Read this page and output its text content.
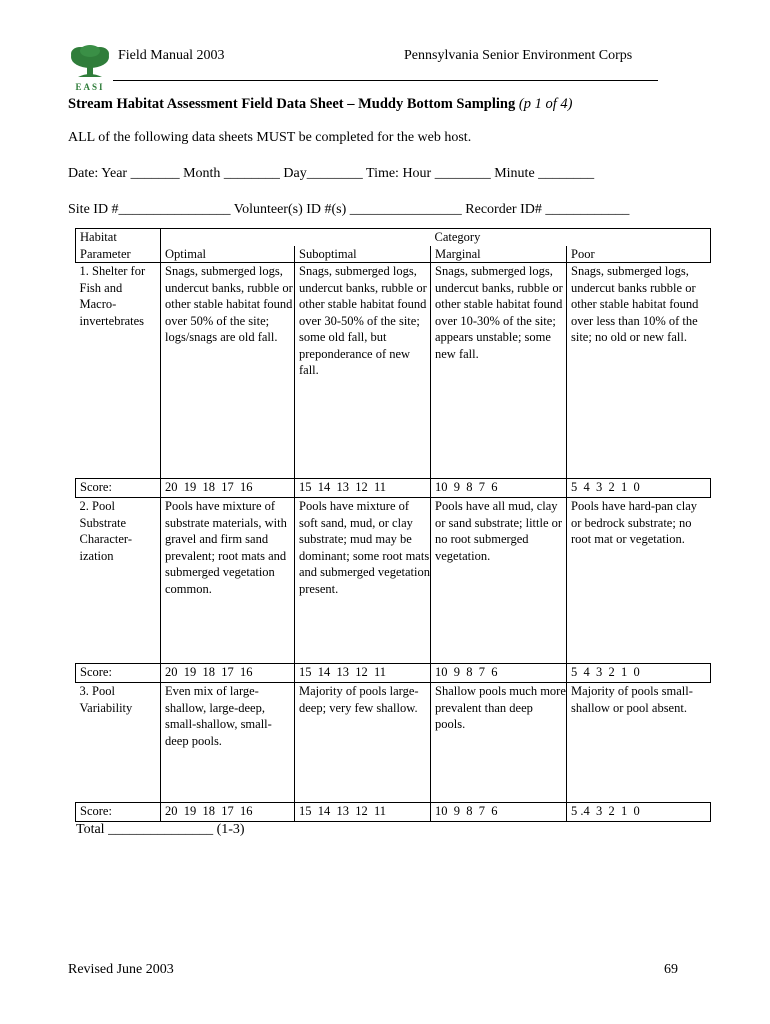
EASI
Field Manual 2003	Pennsylvania Senior Environment Corps
Stream Habitat Assessment Field Data Sheet – Muddy Bottom Sampling (p 1 of 4)
ALL of the following data sheets MUST be completed for the web host.
Date: Year _______ Month ________ Day________ Time: Hour ________ Minute ________
Site ID #________________ Volunteer(s) ID #(s) ________________ Recorder ID# ____________
Habitat			Category	
Parameter	Optimal	Suboptimal	Marginal	Poor
1. Shelter for Fish and Macro-invertebrates	Snags, submerged logs, undercut banks, rubble or other stable habitat found over 50% of the site; logs/snags are old fall.	Snags, submerged logs, undercut banks, rubble or other stable habitat found over 30-50% of the site; some old fall, but preponderance of new fall.	Snags, submerged logs, undercut banks, rubble or other stable habitat found over 10-30% of the site; appears unstable; some new fall.	Snags, submerged logs, undercut banks rubble or other stable habitat found over less than 10% of the site; no old or new fall.
Score:	20  19  18  17  16	15  14  13  12  11	10  9  8  7  6	5  4  3  2  1  0
2. Pool Substrate Character-ization	Pools have mixture of substrate materials, with gravel and firm sand prevalent; root mats and submerged vegetation common.	Pools have mixture of soft sand, mud, or clay substrate; mud may be dominant; some root mats and submerged vegetation present.	Pools have all mud, clay or sand substrate; little or no root submerged vegetation.	Pools have hard-pan clay or bedrock substrate; no root mat or vegetation.
Score:	20  19  18  17  16	15  14  13  12  11	10  9  8  7  6	5  4  3  2  1  0
3. Pool Variability	Even mix of large-shallow, large-deep, small-shallow, small-deep pools.	Majority of pools large-deep; very few shallow.	Shallow pools much more prevalent than deep pools.	Majority of pools small-shallow or pool absent.
Score:	20  19  18  17  16	15  14  13  12  11	10  9  8  7  6	5 .4  3  2  1  0
Total _______________ (1-3)
Revised June 2003	69
